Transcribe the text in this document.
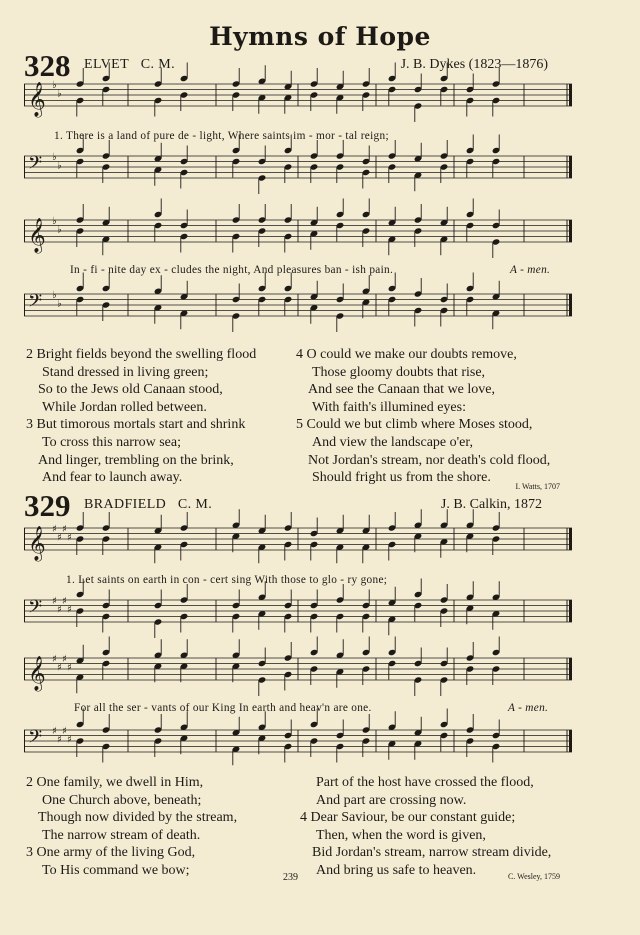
Hymns of Hope
328 ELVET C. M.	J. B. Dykes (1823—1876)
𝄞 ♭
♭
1. There is a land of pure de - light, Where saints im - mor - tal reign;
𝄢 ♭
♭
𝄞 ♭
♭
In - fi - nite day ex - cludes the night, And pleasures ban - ish pain.	A - men.
𝄢 ♭
♭
2 Bright fields beyond the swelling flood
Stand dressed in living green;
So to the Jews old Canaan stood,
While Jordan rolled between.
3 But timorous mortals start and shrink
To cross this narrow sea;
And linger, trembling on the brink,
And fear to launch away.
4 O could we make our doubts remove,
Those gloomy doubts that rise,
And see the Canaan that we love,
With faith's illumined eyes:
5 Could we but climb where Moses stood,
And view the landscape o'er,
Not Jordan's stream, nor death's cold flood,
Should fright us from the shore.
I. Watts, 1707
329 BRADFIELD C. M.	J. B. Calkin, 1872
𝄞 ♯
♯
♯
♯
1. Let saints on earth in con - cert sing With those to glo - ry gone;
𝄢 ♯
♯
♯
♯
𝄞 ♯
♯
♯
♯
For all the ser - vants of our King In earth and heav'n are one.	A - men.
𝄢 ♯
♯
♯
♯
2 One family, we dwell in Him,
One Church above, beneath;
Though now divided by the stream,
The narrow stream of death.
3 One army of the living God,
To His command we bow;
Part of the host have crossed the flood,
And part are crossing now.
4 Dear Saviour, be our constant guide;
Then, when the word is given,
Bid Jordan's stream, narrow stream divide,
And bring us safe to heaven.
239	C. Wesley, 1759
